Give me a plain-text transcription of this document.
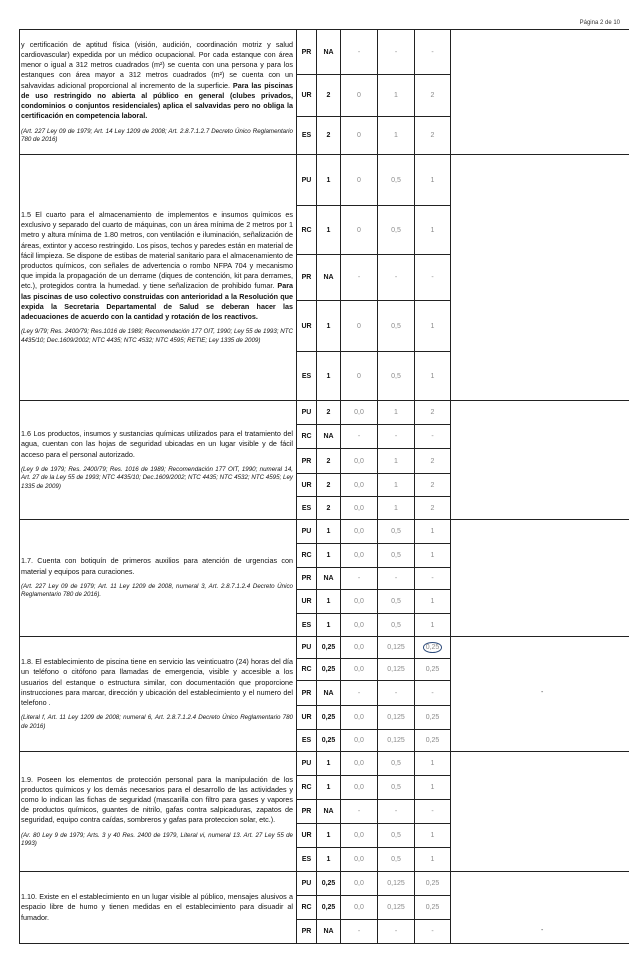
Página 2 de 10
y certificación de aptitud física (visión, audición, coordinación motriz y salud cardiovascular) expedida por un médico ocupacional. Por cada estanque con área menor o igual a 312 metros cuadrados (m²) se cuenta con una persona y para los estanques con área mayor a 312 metros cuadrados (m²) se cuenta con un salvavidas adicional proporcional al incremento de la superficie. Para las piscinas de uso restringido no abierta al público en general (clubes privados, condominios o conjuntos residenciales) aplica el salvavidas pero no obliga la certificación en competencia laboral.
(Art. 227 Ley 09 de 1979; Art. 14 Ley 1209 de 2008; Art. 2.8.7.1.2.7 Decreto Único Reglamentario 780 de 2016)	PR	NA	-	-	-	
	UR	2	0	1	2	
	ES	2	0	1	2	

1.5 El cuarto para el almacenamiento de implementos e insumos químicos es exclusivo y separado del cuarto de máquinas, con un área mínima de 2 metros por 1 metro y altura mínima de 1.80 metros, con ventilación e iluminación, señalización de áreas, extintor y acceso restringido. Los pisos, techos y paredes están en material de fácil limpieza. Se dispone de estibas de material sanitario para el almacenamiento de productos químicos, con señales de advertencia o rombo NFPA 704 y mecanismo que impida la propagación de un derrame (diques de contención, kit para derrames, etc.), protegidos contra la humedad. y tiene señalizacion de prohibido fumar. Para las piscinas de uso colectivo construidas con anterioridad a la Resolución que expida la Secretaria Departamental de Salud se deberan hacer las adecuaciones de acuerdo con la cantidad y rotación de los reactivos.
(Ley 9/79; Res. 2400/79; Res.1016 de 1989; Recomendación 177 OIT, 1990; Ley 55 de 1993; NTC 4435/10; Dec.1609/2002; NTC 4435; NTC 4532; NTC 4595; RETIE; Ley 1335 de 2009)	PU	1	0	0,5	1	
	RC	1	0	0,5	1	
	PR	NA	-	-	-	
	UR	1	0	0,5	1	
	ES	1	0	0,5	1	

1.6 Los productos, insumos y sustancias químicas utilizados para el tratamiento del agua, cuentan con las hojas de seguridad ubicadas en un lugar visible y de fácil acceso para el personal autorizado.
(Ley 9 de 1979; Res. 2400/79; Res. 1016 de 1989; Recomendación 177 OIT, 1990; numeral 14, Art. 27 de la Ley 55 de 1993; NTC 4435/10; Dec.1609/2002; NTC 4435; NTC 4532; NTC 4595; Ley 1335 de 2009)	PU	2	0,0	1	2	
	RC	NA	-	-	-	
	PR	2	0,0	1	2	
	UR	2	0,0	1	2	
	ES	2	0,0	1	2	

1.7. Cuenta con botiquín de primeros auxilios para atención de urgencias con material y equipos para curaciones.
(Art. 227 Ley 09 de 1979; Art. 11 Ley 1209 de 2008, numeral 3, Art. 2.8.7.1.2.4 Decreto Único Reglamentario 780 de 2016).	PU	1	0,0	0,5	1	
	RC	1	0,0	0,5	1	
	PR	NA	-	-	-	
	UR	1	0,0	0,5	1	
	ES	1	0,0	0,5	1	

1.8. El establecimiento de piscina tiene en servicio las veinticuatro (24) horas del día un teléfono o citófono para llamadas de emergencia, visible y accesible a los usuarios del estanque o estructura similar, con documentación que proporcione instrucciones para marcar, dirección y ubicación del establecimiento y el numero del telefono .
(Literal f, Art. 11 Ley 1209 de 2008; numeral 6, Art. 2.8.7.1.2.4 Decreto Único Reglamentario 780 de 2016)	PU	0,25	0,0	0,125	0,25	-

	RC	0,25	0,0	0,125	0,25	
	PR	NA	-	-	-	
	UR	0,25	0,0	0,125	0,25	
	ES	0,25	0,0	0,125	0,25	

1.9. Poseen los elementos de protección personal para la manipulación de los productos químicos y los demás necesarios para el desarrollo de las actividades y como lo indican las fichas de seguridad (mascarilla con filtro para gases y vapores de productos químicos, guantes de nitrilo, gafas contra salpicaduras, zapatos de seguridad, equipo contra caídas, sombreros y gafas para proteccion solar, etc.).
(Ar. 80 Ley 9 de 1979; Arts. 3 y 40 Res. 2400 de 1979, Literal vi, numeral 13. Art. 27 Ley 55 de 1993)	PU	1	0,0	0,5	1	
	RC	1	0,0	0,5	1	
	PR	NA	-	-	-	
	UR	1	0,0	0,5	1	
	ES	1	0,0	0,5	1	

1.10. Existe en el establecimiento en un lugar visible al público, mensajes alusivos a espacio libre de humo y tienen medidas en el establecimiento para disuadir al fumador.	PU	0,25	0,0	0,125	0,25	-

	RC	0,25	0,0	0,125	0,25	
	PR	NA	-	-	-	
